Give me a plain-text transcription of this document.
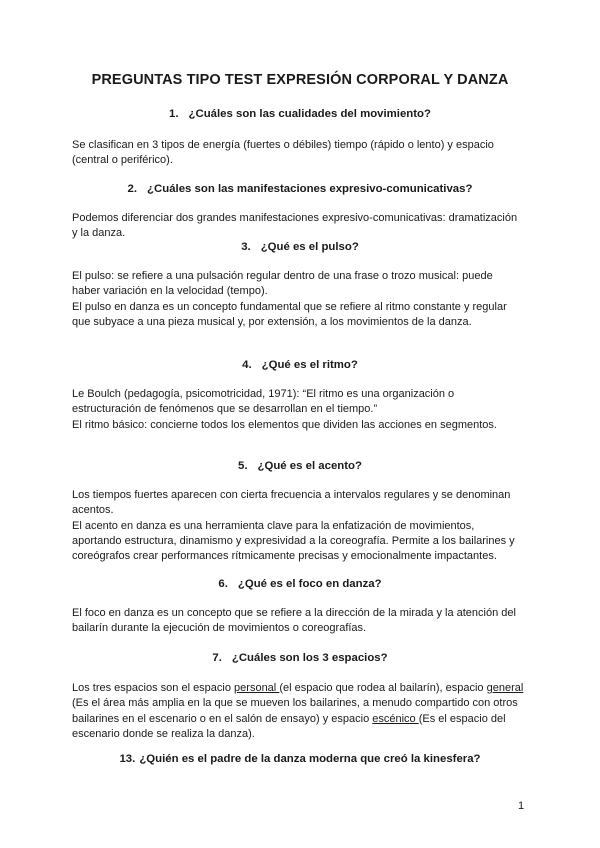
PREGUNTAS TIPO TEST EXPRESIÓN CORPORAL Y DANZA
1. ¿Cuáles son las cualidades del movimiento?
Se clasifican en 3 tipos de energía (fuertes o débiles) tiempo (rápido o lento) y espacio
(central o periférico).
2. ¿Cuáles son las manifestaciones expresivo-comunicativas?
Podemos diferenciar dos grandes manifestaciones expresivo-comunicativas: dramatización
y la danza.
3. ¿Qué es el pulso?
El pulso: se refiere a una pulsación regular dentro de una frase o trozo musical: puede
haber variación en la velocidad (tempo).
El pulso en danza es un concepto fundamental que se refiere al ritmo constante y regular
que subyace a una pieza musical y, por extensión, a los movimientos de la danza.
4. ¿Qué es el ritmo?
Le Boulch (pedagogía, psicomotricidad, 1971): “El ritmo es una organización o
estructuración de fenómenos que se desarrollan en el tiempo.”
El ritmo básico: concierne todos los elementos que dividen las acciones en segmentos.
5. ¿Qué es el acento?
Los tiempos fuertes aparecen con cierta frecuencia a intervalos regulares y se denominan
acentos.
El acento en danza es una herramienta clave para la enfatización de movimientos,
aportando estructura, dinamismo y expresividad a la coreografía. Permite a los bailarines y
coreógrafos crear performances rítmicamente precisas y emocionalmente impactantes.
6. ¿Qué es el foco en danza?
El foco en danza es un concepto que se refiere a la dirección de la mirada y la atención del
bailarín durante la ejecución de movimientos o coreografías.
7. ¿Cuáles son los 3 espacios?
Los tres espacios son el espacio personal (el espacio que rodea al bailarín), espacio general
(Es el área más amplia en la que se mueven los bailarines, a menudo compartido con otros
bailarines en el escenario o en el salón de ensayo) y espacio escénico (Es el espacio del
escenario donde se realiza la danza).
13. ¿Quién es el padre de la danza moderna que creó la kinesfera?
1
